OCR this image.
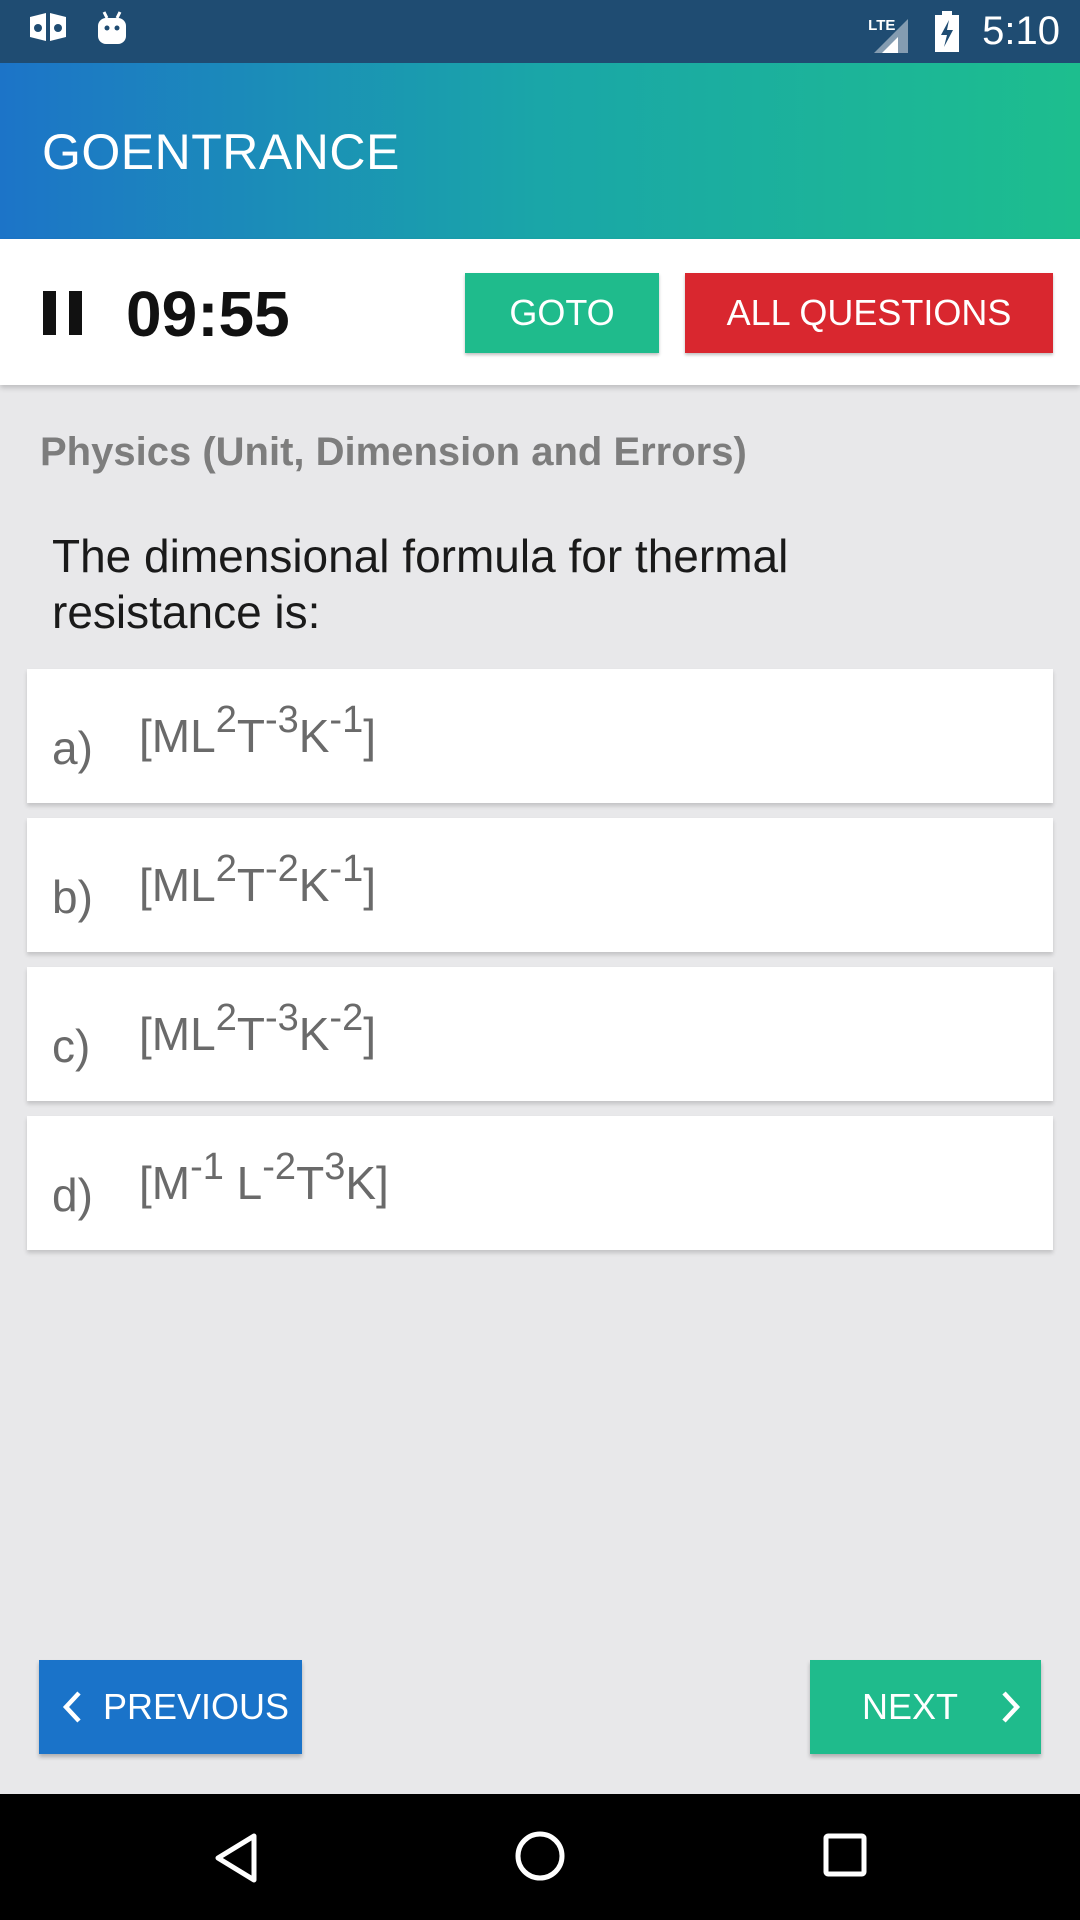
LTE 5:10
GOENTRANCE
09:55	GOTO	ALL QUESTIONS
Physics (Unit, Dimension and Errors)
The dimensional formula for thermal resistance is:
a) $[ML^2T^{-3}K^{-1}]$
b) $[ML^2T^{-2}K^{-1}]$
c) $[ML^2T^{-3}K^{-2}]$
d) [$M^{-1}$ $L^{-2}T^3K$]
PREVIOUS	NEXT
